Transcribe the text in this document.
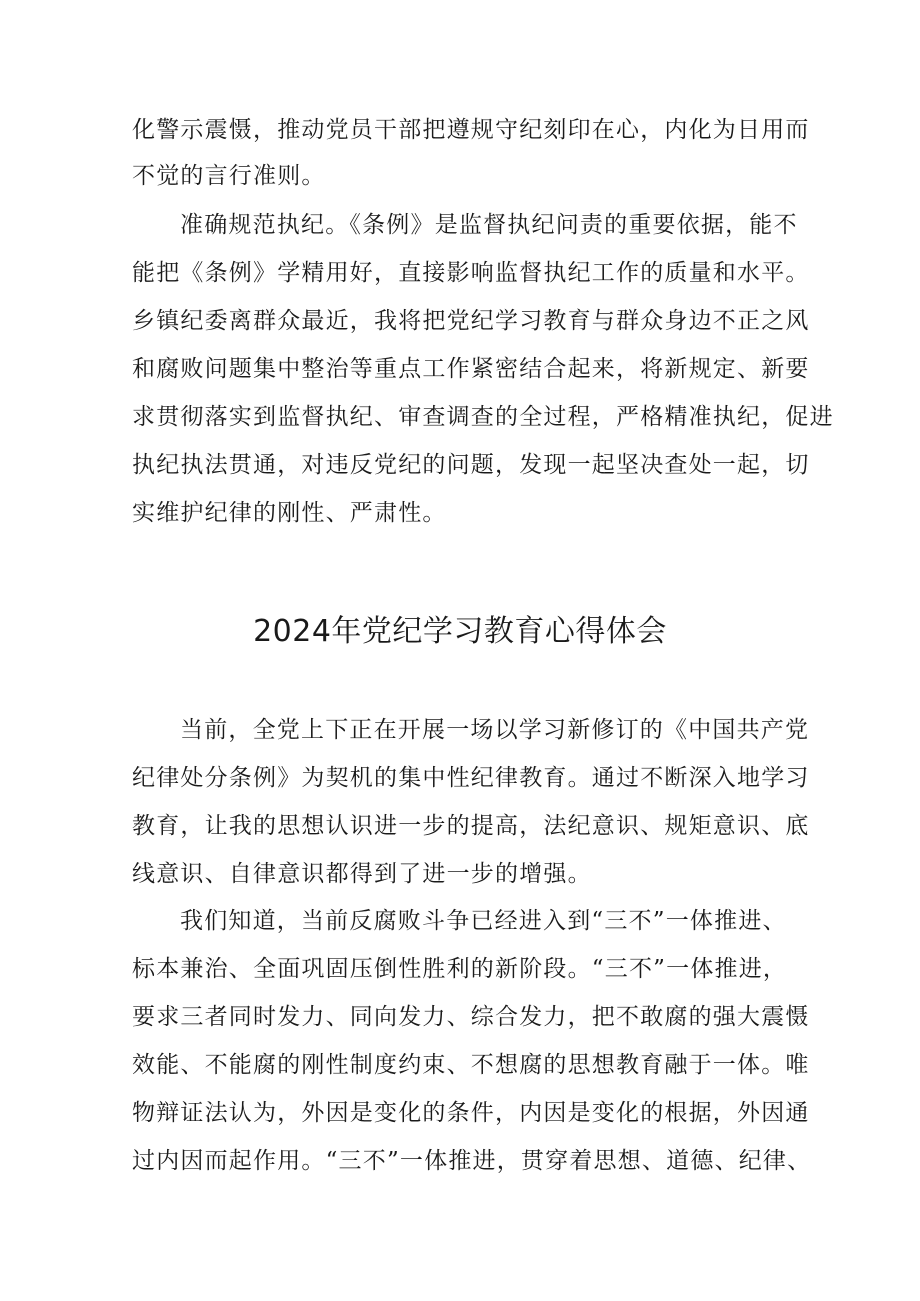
化警示震慑，推动党员干部把遵规守纪刻印在心，内化为日用而
不觉的言行准则。
准确规范执纪。《条例》是监督执纪问责的重要依据，能不
能把《条例》学精用好，直接影响监督执纪工作的质量和水平。
乡镇纪委离群众最近，我将把党纪学习教育与群众身边不正之风
和腐败问题集中整治等重点工作紧密结合起来，将新规定、新要
求贯彻落实到监督执纪、审查调查的全过程，严格精准执纪，促进
执纪执法贯通，对违反党纪的问题，发现一起坚决查处一起，切
实维护纪律的刚性、严肃性。
2024年党纪学习教育心得体会
当前，全党上下正在开展一场以学习新修订的《中国共产党
纪律处分条例》为契机的集中性纪律教育。通过不断深入地学习
教育，让我的思想认识进一步的提高，法纪意识、规矩意识、底
线意识、自律意识都得到了进一步的增强。
我们知道，当前反腐败斗争已经进入到“三不”一体推进、
标本兼治、全面巩固压倒性胜利的新阶段。“三不”一体推进，
要求三者同时发力、同向发力、综合发力，把不敢腐的强大震慑
效能、不能腐的刚性制度约束、不想腐的思想教育融于一体。唯
物辩证法认为，外因是变化的条件，内因是变化的根据，外因通
过内因而起作用。“三不”一体推进，贯穿着思想、道德、纪律、
